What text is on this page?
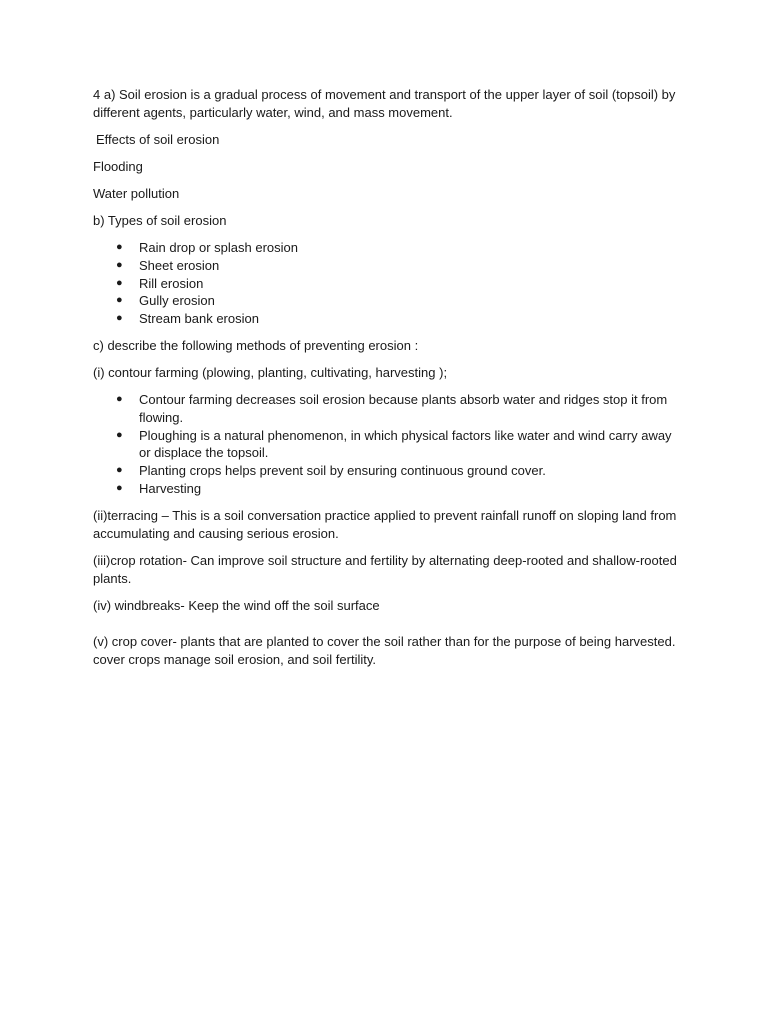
4 a) Soil erosion is a gradual process of movement and transport of the upper layer of soil (topsoil) by different agents, particularly water, wind, and mass movement.

Effects of soil erosion

Flooding

Water pollution

b) Types of soil erosion

● Rain drop or splash erosion
● Sheet erosion
● Rill erosion
● Gully erosion
● Stream bank erosion

c) describe the following methods of preventing erosion :

(i) contour farming (plowing, planting, cultivating, harvesting );

● Contour farming decreases soil erosion because plants absorb water and ridges stop it from flowing.
● Ploughing is a natural phenomenon, in which physical factors like water and wind carry away or displace the topsoil.
● Planting crops helps prevent soil by ensuring continuous ground cover.
● Harvesting

(ii)terracing – This is a soil conversation practice applied to prevent rainfall runoff on sloping land from accumulating and causing serious erosion.

(iii)crop rotation- Can improve soil structure and fertility by alternating deep-rooted and shallow-rooted plants.

(iv) windbreaks- Keep the wind off the soil surface

(v) crop cover- plants that are planted to cover the soil rather than for the purpose of being harvested. cover crops manage soil erosion, and soil fertility.
